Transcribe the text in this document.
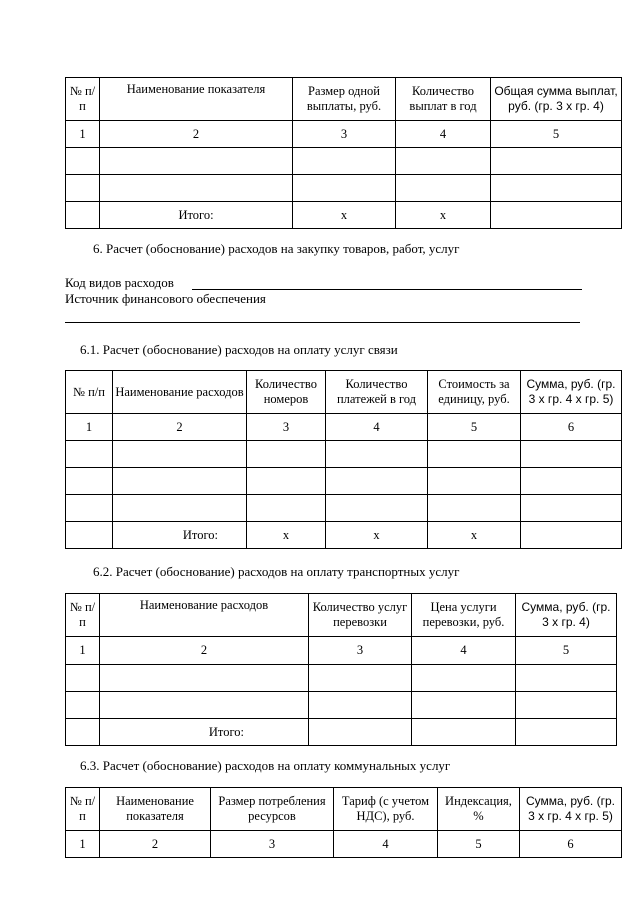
№ п/п	Наименование показателя	Размер одной выплаты, руб.	Количество выплат в год	Общая сумма выплат, руб. (гр. 3 х гр. 4)
1	2	3	4	5

	Итого:	х	х	
6. Расчет (обоснование) расходов на закупку товаров, работ, услуг
Код видов расходов
Источник финансового обеспечения
6.1. Расчет (обоснование) расходов на оплату услуг связи
№ п/п	Наименование расходов	Количество номеров	Количество платежей в год	Стоимость за единицу, руб.	Сумма, руб. (гр. 3 х гр. 4 х гр. 5)
1	2	3	4	5	6

	Итого:	х	х	х	
6.2. Расчет (обоснование) расходов на оплату транспортных услуг
№ п/п	Наименование расходов	Количество услуг перевозки	Цена услуги перевозки, руб.	Сумма, руб. (гр. 3 х гр. 4)
1	2	3	4	5

	Итого:			
6.3. Расчет (обоснование) расходов на оплату коммунальных услуг
№ п/п	Наименование показателя	Размер потребления ресурсов	Тариф (с учетом НДС), руб.	Индексация, %	Сумма, руб. (гр. 3 х гр. 4 х гр. 5)
1	2	3	4	5	6
